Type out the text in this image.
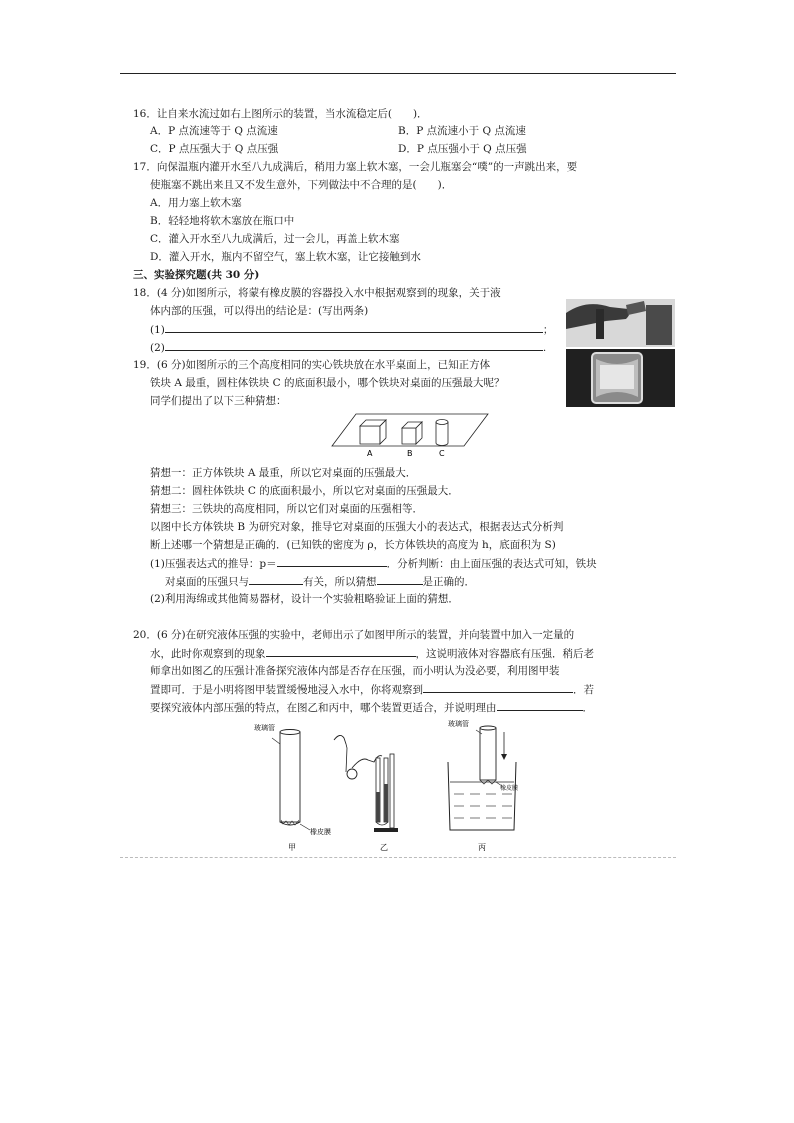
16．让自来水流过如右上图所示的装置，当水流稳定后(　　)．
A．P 点流速等于 Q 点流速	B．P 点流速小于 Q 点流速
C．P 点压强大于 Q 点压强	D．P 点压强小于 Q 点压强
17．向保温瓶内灌开水至八九成满后，稍用力塞上软木塞，一会儿瓶塞会“噗”的一声跳出来，要
使瓶塞不跳出来且又不发生意外，下列做法中不合理的是(　　)．
A．用力塞上软木塞
B．轻轻地将软木塞放在瓶口中
C．灌入开水至八九成满后，过一会儿，再盖上软木塞
D．灌入开水，瓶内不留空气，塞上软木塞，让它接触到水
三、实验探究题(共 30 分)
18．(4 分)如图所示，将蒙有橡皮膜的容器投入水中根据观察到的现象，关于液
体内部的压强，可以得出的结论是：(写出两条)
(1)	；
(2)	.
19．(6 分)如图所示的三个高度相同的实心铁块放在水平桌面上，已知正方体
铁块 A 最重，圆柱体铁块 C 的底面积最小，哪个铁块对桌面的压强最大呢？
同学们提出了以下三种猜想：
A	B	C
猜想一：正方体铁块 A 最重，所以它对桌面的压强最大．
猜想二：圆柱体铁块 C 的底面积最小，所以它对桌面的压强最大．
猜想三：三铁块的高度相同，所以它们对桌面的压强相等．
以图中长方体铁块 B 为研究对象，推导它对桌面的压强大小的表达式，根据表达式分析判
断上述哪一个猜想是正确的．(已知铁的密度为 ρ，长方体铁块的高度为 h，底面积为 S)
(1)压强表达式的推导：p＝	．分析判断：由上面压强的表达式可知，铁块
对桌面的压强只与	有关，所以猜想	是正确的．
(2)利用海绵或其他简易器材，设计一个实验粗略验证上面的猜想．
20．(6 分)在研究液体压强的实验中，老师出示了如图甲所示的装置，并向装置中加入一定量的
水，此时你观察到的现象	，这说明液体对容器底有压强．稍后老
师拿出如图乙的压强计准备探究液体内部是否存在压强，而小明认为没必要，利用图甲装
置即可．于是小明将图甲装置缓慢地浸入水中，你将观察到	．若
要探究液体内部压强的特点，在图乙和丙中，哪个装置更适合，并说明理由	．
玻璃管
橡皮膜
甲	乙
玻璃管
橡皮膜
丙
